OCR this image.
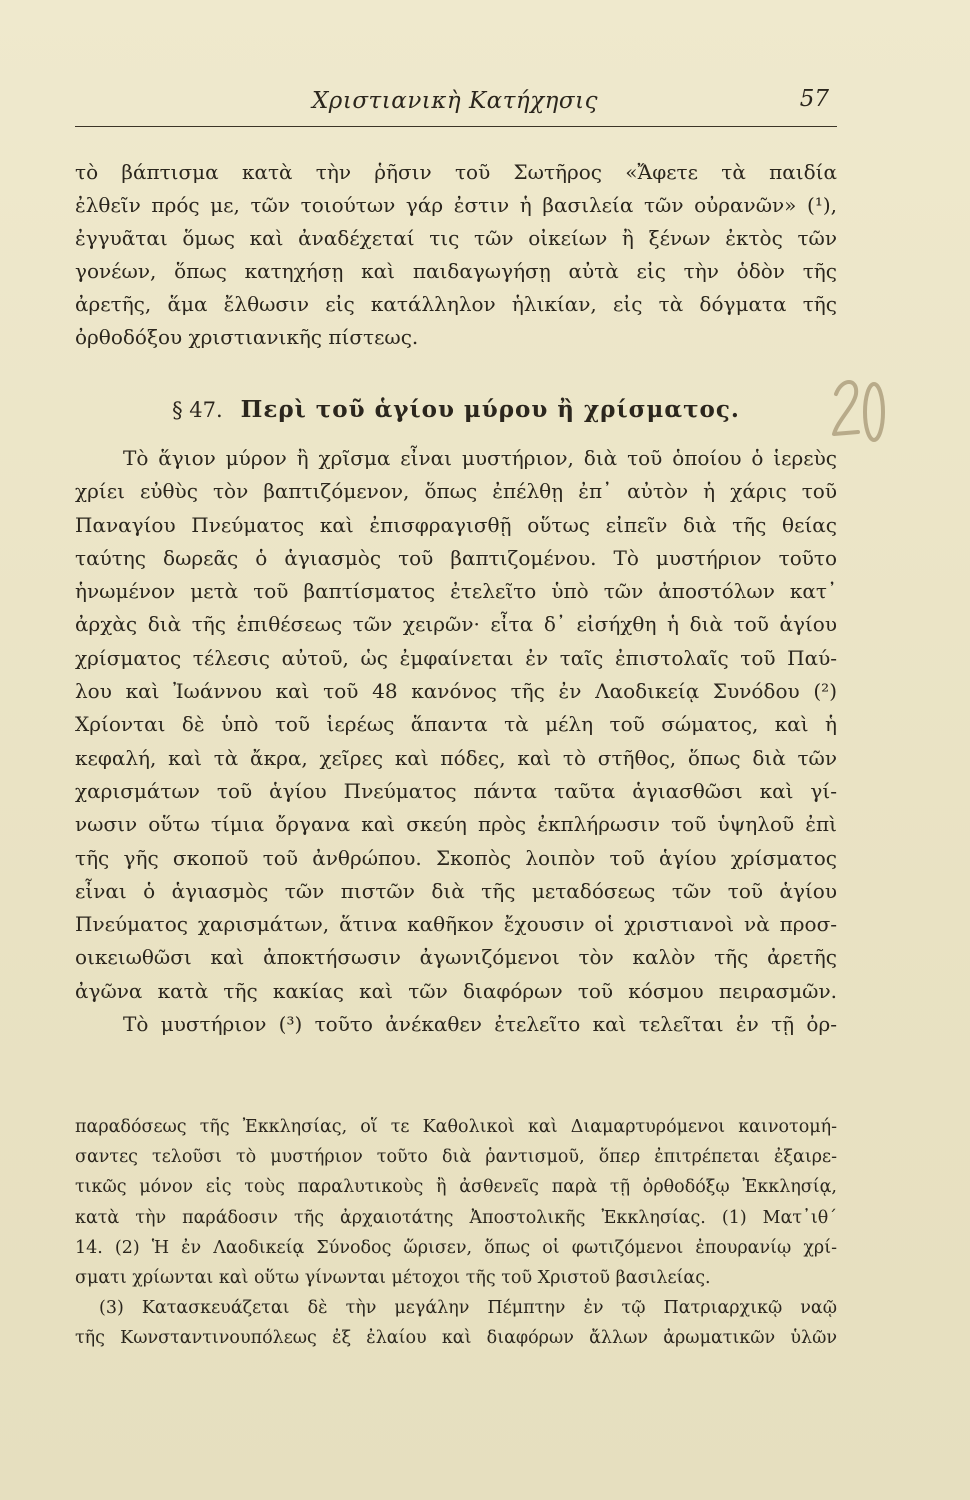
Χριστιανικὴ Κατήχησις	57
τὸ βάπτισμα κατὰ τὴν ῥῆσιν τοῦ Σωτῆρος «Ἄφετε τὰ παιδία
ἐλθεῖν πρός με, τῶν τοιούτων γάρ ἐστιν ἡ βασιλεία τῶν οὐρανῶν» (¹),
ἐγγυᾶται ὅμως καὶ ἀναδέχεταί τις τῶν οἰκείων ἢ ξένων ἐκτὸς τῶν
γονέων, ὅπως κατηχήσῃ καὶ παιδαγωγήσῃ αὐτὰ εἰς τὴν ὁδὸν τῆς
ἀρετῆς, ἅμα ἔλθωσιν εἰς κατάλληλον ἡλικίαν, εἰς τὰ δόγματα τῆς
ὀρθοδόξου χριστιανικῆς πίστεως.
§ 47. Περὶ τοῦ ἁγίου μύρου ἢ χρίσματος.
Τὸ ἅγιον μύρον ἢ χρῖσμα εἶναι μυστήριον, διὰ τοῦ ὁποίου ὁ ἱερεὺς
χρίει εὐθὺς τὸν βαπτιζόμενον, ὅπως ἐπέλθῃ ἐπ᾿ αὐτὸν ἡ χάρις τοῦ
Παναγίου Πνεύματος καὶ ἐπισφραγισθῇ οὕτως εἰπεῖν διὰ τῆς θείας
ταύτης δωρεᾶς ὁ ἁγιασμὸς τοῦ βαπτιζομένου. Τὸ μυστήριον τοῦτο
ἡνωμένον μετὰ τοῦ βαπτίσματος ἐτελεῖτο ὑπὸ τῶν ἀποστόλων κατ᾿
ἀρχὰς διὰ τῆς ἐπιθέσεως τῶν χειρῶν· εἶτα δ᾿ εἰσήχθη ἡ διὰ τοῦ ἁγίου
χρίσματος τέλεσις αὐτοῦ, ὡς ἐμφαίνεται ἐν ταῖς ἐπιστολαῖς τοῦ Παύ-
λου καὶ Ἰωάννου καὶ τοῦ 48 κανόνος τῆς ἐν Λαοδικείᾳ Συνόδου (²)
Χρίονται δὲ ὑπὸ τοῦ ἱερέως ἅπαντα τὰ μέλη τοῦ σώματος, καὶ ἡ
κεφαλή, καὶ τὰ ἄκρα, χεῖρες καὶ πόδες, καὶ τὸ στῆθος, ὅπως διὰ τῶν
χαρισμάτων τοῦ ἁγίου Πνεύματος πάντα ταῦτα ἁγιασθῶσι καὶ γί-
νωσιν οὕτω τίμια ὄργανα καὶ σκεύη πρὸς ἐκπλήρωσιν τοῦ ὑψηλοῦ ἐπὶ
τῆς γῆς σκοποῦ τοῦ ἀνθρώπου. Σκοπὸς λοιπὸν τοῦ ἁγίου χρίσματος
εἶναι ὁ ἁγιασμὸς τῶν πιστῶν διὰ τῆς μεταδόσεως τῶν τοῦ ἁγίου
Πνεύματος χαρισμάτων, ἅτινα καθῆκον ἔχουσιν οἱ χριστιανοὶ νὰ προσ-
οικειωθῶσι καὶ ἀποκτήσωσιν ἀγωνιζόμενοι τὸν καλὸν τῆς ἀρετῆς
ἀγῶνα κατὰ τῆς κακίας καὶ τῶν διαφόρων τοῦ κόσμου πειρασμῶν.
Τὸ μυστήριον (³) τοῦτο ἀνέκαθεν ἐτελεῖτο καὶ τελεῖται ἐν τῇ ὀρ-
παραδόσεως τῆς Ἐκκλησίας, οἵ τε Καθολικοὶ καὶ Διαμαρτυρόμενοι καινοτομή-
σαντες τελοῦσι τὸ μυστήριον τοῦτο διὰ ῥαντισμοῦ, ὅπερ ἐπιτρέπεται ἐξαιρε-
τικῶς μόνον εἰς τοὺς παραλυτικοὺς ἢ ἀσθενεῖς παρὰ τῇ ὀρθοδόξῳ Ἐκκλησίᾳ,
κατὰ τὴν παράδοσιν τῆς ἀρχαιοτάτης Ἀποστολικῆς Ἐκκλησίας. (1) Ματ᾿ιθ´
14. (2) Ἡ ἐν Λαοδικείᾳ Σύνοδος ὥρισεν, ὅπως οἱ φωτιζόμενοι ἐπουρανίῳ χρί-
σματι χρίωνται καὶ οὕτω γίνωνται μέτοχοι τῆς τοῦ Χριστοῦ βασιλείας.
(3) Κατασκευάζεται δὲ τὴν μεγάλην Πέμπτην ἐν τῷ Πατριαρχικῷ ναῷ
τῆς Κωνσταντινουπόλεως ἐξ ἐλαίου καὶ διαφόρων ἄλλων ἀρωματικῶν ὑλῶν
